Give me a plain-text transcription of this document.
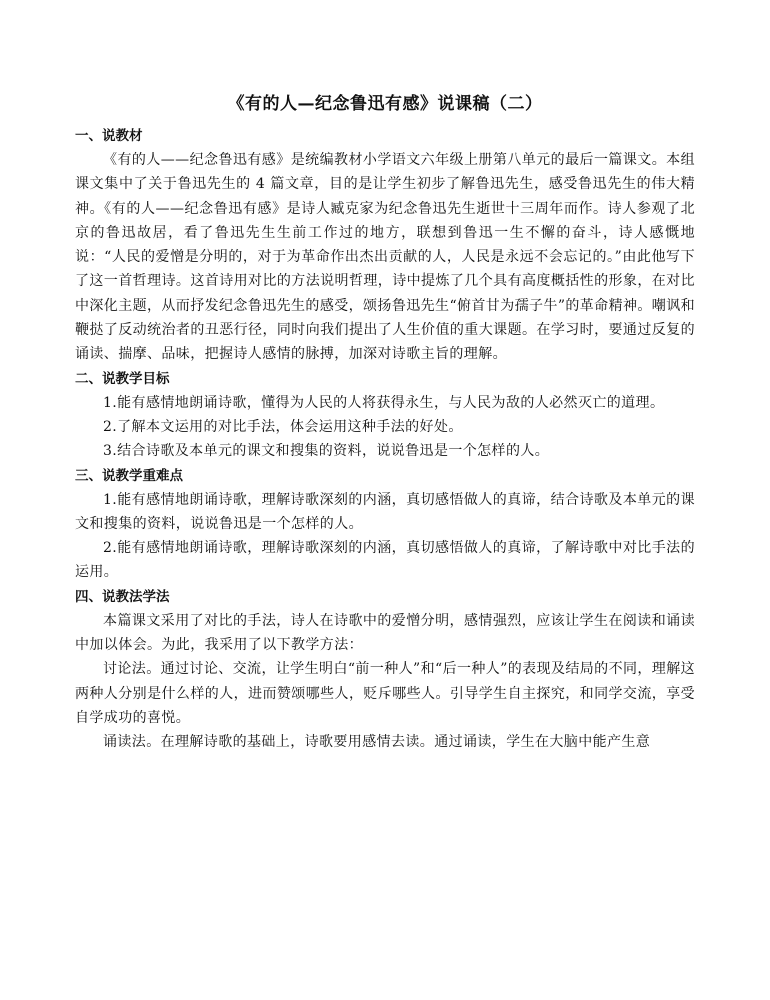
《有的人—纪念鲁迅有感》说课稿（二）
一、说教材

《有的人——纪念鲁迅有感》是统编教材小学语文六年级上册第八单元的最后一篇课文。本组课文集中了关于鲁迅先生的 4 篇文章，目的是让学生初步了解鲁迅先生，感受鲁迅先生的伟大精神。《有的人——纪念鲁迅有感》是诗人臧克家为纪念鲁迅先生逝世十三周年而作。诗人参观了北京的鲁迅故居，看了鲁迅先生生前工作过的地方，联想到鲁迅一生不懈的奋斗，诗人感慨地说：“人民的爱憎是分明的，对于为革命作出杰出贡献的人，人民是永远不会忘记的。”由此他写下了这一首哲理诗。这首诗用对比的方法说明哲理，诗中提炼了几个具有高度概括性的形象，在对比中深化主题，从而抒发纪念鲁迅先生的感受，颂扬鲁迅先生“俯首甘为孺子牛”的革命精神。嘲讽和鞭挞了反动统治者的丑恶行径，同时向我们提出了人生价值的重大课题。在学习时，要通过反复的诵读、揣摩、品味，把握诗人感情的脉搏，加深对诗歌主旨的理解。

二、说教学目标

1.能有感情地朗诵诗歌，懂得为人民的人将获得永生，与人民为敌的人必然灭亡的道理。

2.了解本文运用的对比手法，体会运用这种手法的好处。

3.结合诗歌及本单元的课文和搜集的资料，说说鲁迅是一个怎样的人。

三、说教学重难点

1.能有感情地朗诵诗歌，理解诗歌深刻的内涵，真切感悟做人的真谛，结合诗歌及本单元的课文和搜集的资料，说说鲁迅是一个怎样的人。

2.能有感情地朗诵诗歌，理解诗歌深刻的内涵，真切感悟做人的真谛，了解诗歌中对比手法的运用。

四、说教法学法

本篇课文采用了对比的手法，诗人在诗歌中的爱憎分明，感情强烈，应该让学生在阅读和诵读中加以体会。为此，我采用了以下教学方法：

讨论法。通过讨论、交流，让学生明白“前一种人”和“后一种人”的表现及结局的不同，理解这两种人分别是什么样的人，进而赞颂哪些人，贬斥哪些人。引导学生自主探究，和同学交流，享受自学成功的喜悦。

诵读法。在理解诗歌的基础上，诗歌要用感情去读。通过诵读，学生在大脑中能产生意
